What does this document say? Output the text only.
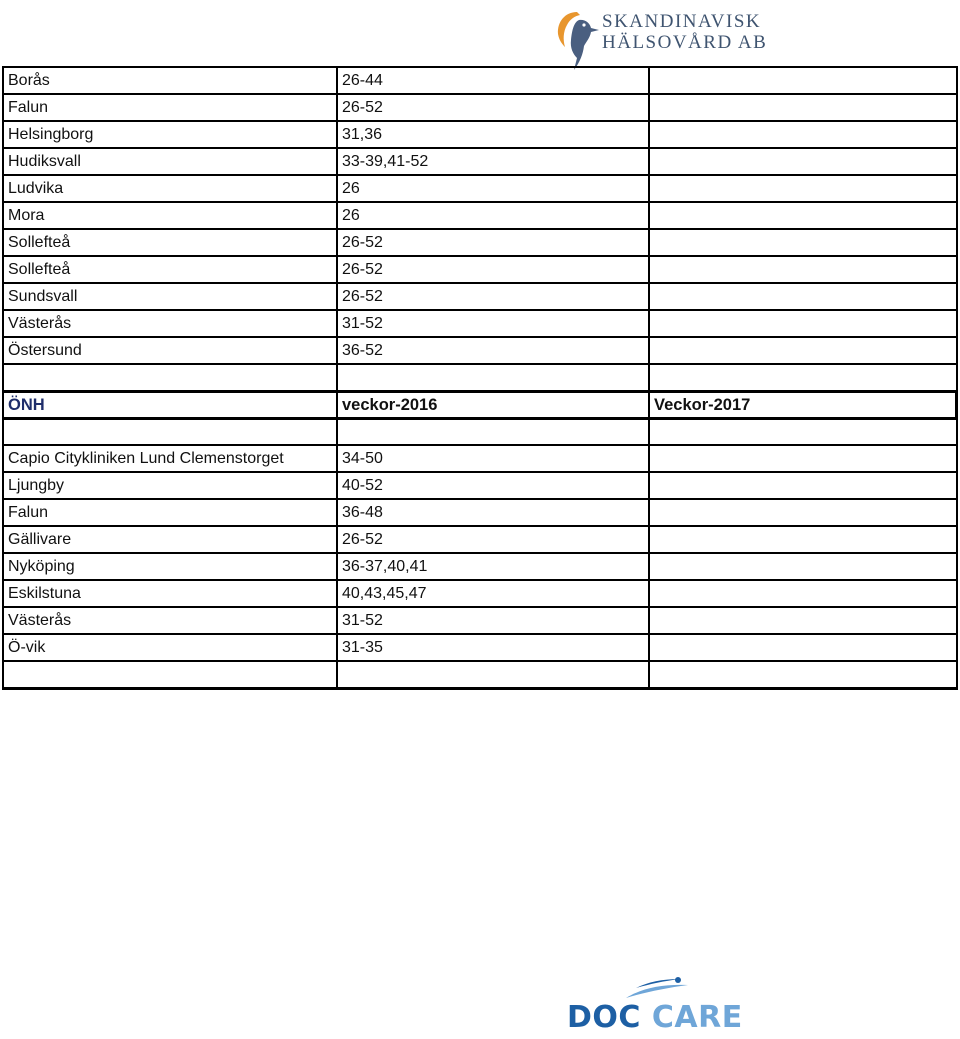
SKANDINAVISK
HÄLSOVÅRD AB
Borås	26-44
Falun	26-52
Helsingborg	31,36
Hudiksvall	33-39,41-52
Ludvika	26
Mora	26
Sollefteå	26-52
Sollefteå	26-52
Sundsvall	26-52
Västerås	31-52
Östersund	36-52
ÖNH	veckor-2016	Veckor-2017
Capio Citykliniken Lund Clemenstorget	34-50
Ljungby	40-52
Falun	36-48
Gällivare	26-52
Nyköping	36-37,40,41
Eskilstuna	40,43,45,47
Västerås	31-52
Ö-vik	31-35
DOC CARE
